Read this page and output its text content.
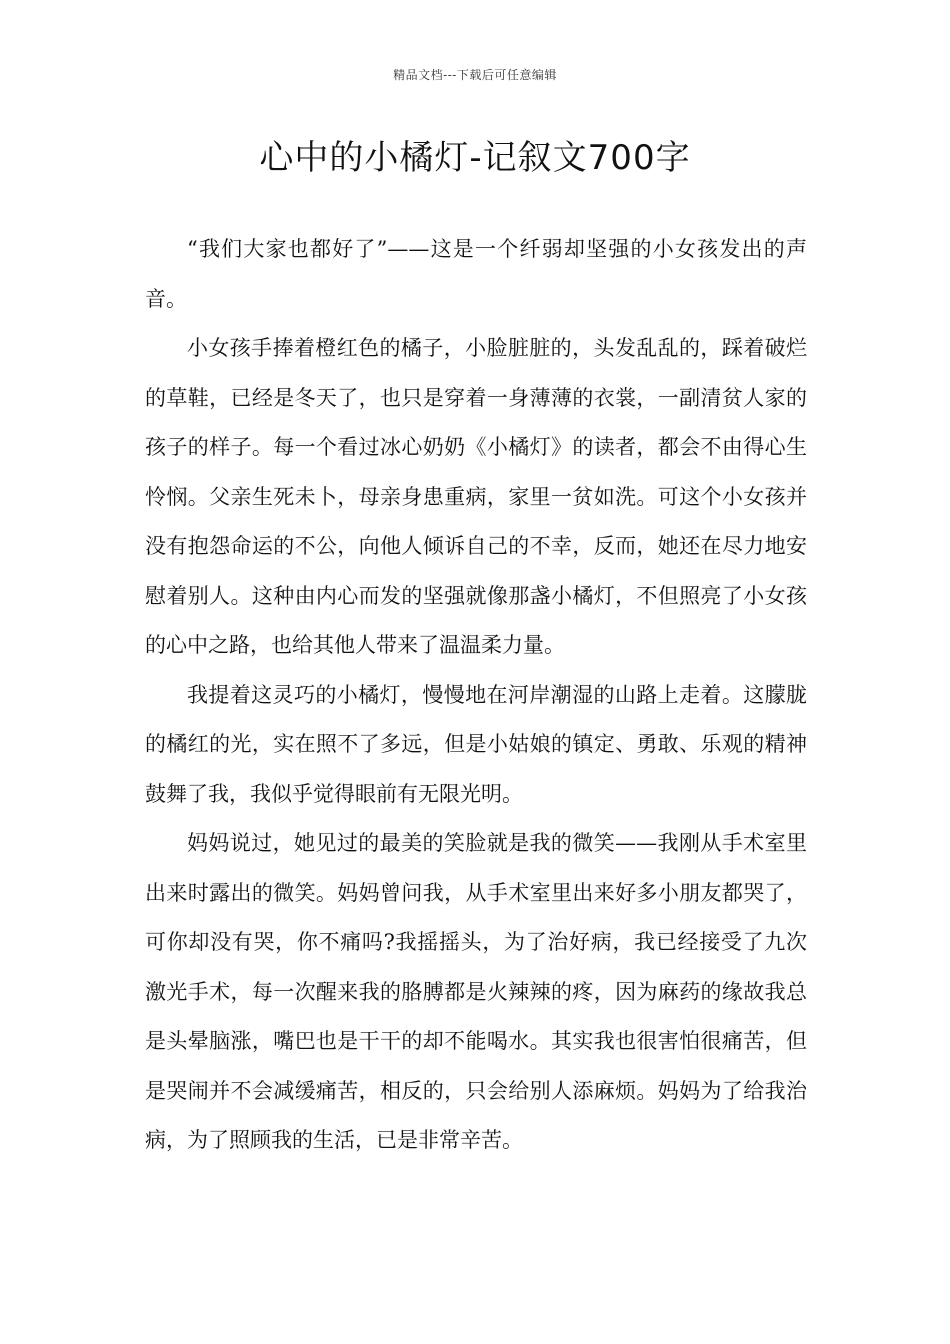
精品文档---下载后可任意编辑
心中的小橘灯-记叙文700字

“我们大家也都好了”——这是一个纤弱却坚强的小女孩发出的声音。

小女孩手捧着橙红色的橘子，小脸脏脏的，头发乱乱的，踩着破烂的草鞋，已经是冬天了，也只是穿着一身薄薄的衣裳，一副清贫人家的孩子的样子。每一个看过冰心奶奶《小橘灯》的读者，都会不由得心生怜悯。父亲生死未卜，母亲身患重病，家里一贫如洗。可这个小女孩并没有抱怨命运的不公，向他人倾诉自己的不幸，反而，她还在尽力地安慰着别人。这种由内心而发的坚强就像那盏小橘灯，不但照亮了小女孩的心中之路，也给其他人带来了温温柔力量。

我提着这灵巧的小橘灯，慢慢地在河岸潮湿的山路上走着。这朦胧的橘红的光，实在照不了多远，但是小姑娘的镇定、勇敢、乐观的精神鼓舞了我，我似乎觉得眼前有无限光明。

妈妈说过，她见过的最美的笑脸就是我的微笑——我刚从手术室里出来时露出的微笑。妈妈曾问我，从手术室里出来好多小朋友都哭了，可你却没有哭，你不痛吗?我摇摇头，为了治好病，我已经接受了九次激光手术，每一次醒来我的胳膊都是火辣辣的疼，因为麻药的缘故我总是头晕脑涨，嘴巴也是干干的却不能喝水。其实我也很害怕很痛苦，但是哭闹并不会减缓痛苦，相反的，只会给别人添麻烦。妈妈为了给我治病，为了照顾我的生活，已是非常辛苦。
